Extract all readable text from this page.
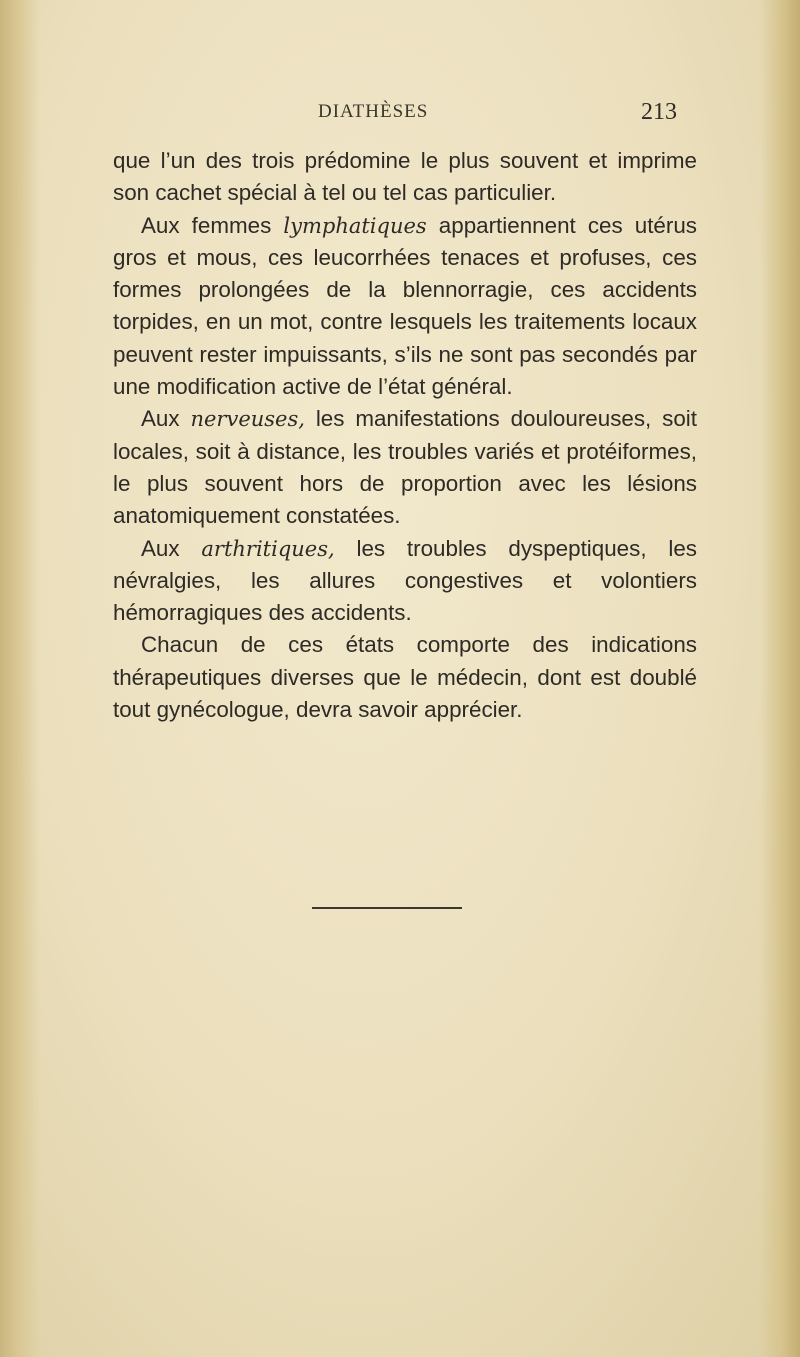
DIATHÈSES	213

que l’un des trois prédomine le plus souvent et imprime son cachet spécial à tel ou tel cas particulier.

Aux femmes lymphatiques appartiennent ces utérus gros et mous, ces leucorrhées tenaces et profuses, ces formes prolongées de la blennorragie, ces accidents torpides, en un mot, contre lesquels les traitements locaux peuvent rester impuissants, s’ils ne sont pas secondés par une modification active de l’état général.

Aux nerveuses, les manifestations douloureuses, soit locales, soit à distance, les troubles variés et protéiformes, le plus souvent hors de proportion avec les lésions anatomiquement constatées.

Aux arthritiques, les troubles dyspeptiques, les névralgies, les allures congestives et volontiers hémorragiques des accidents.

Chacun de ces états comporte des indications thérapeutiques diverses que le médecin, dont est doublé tout gynécologue, devra savoir apprécier.
